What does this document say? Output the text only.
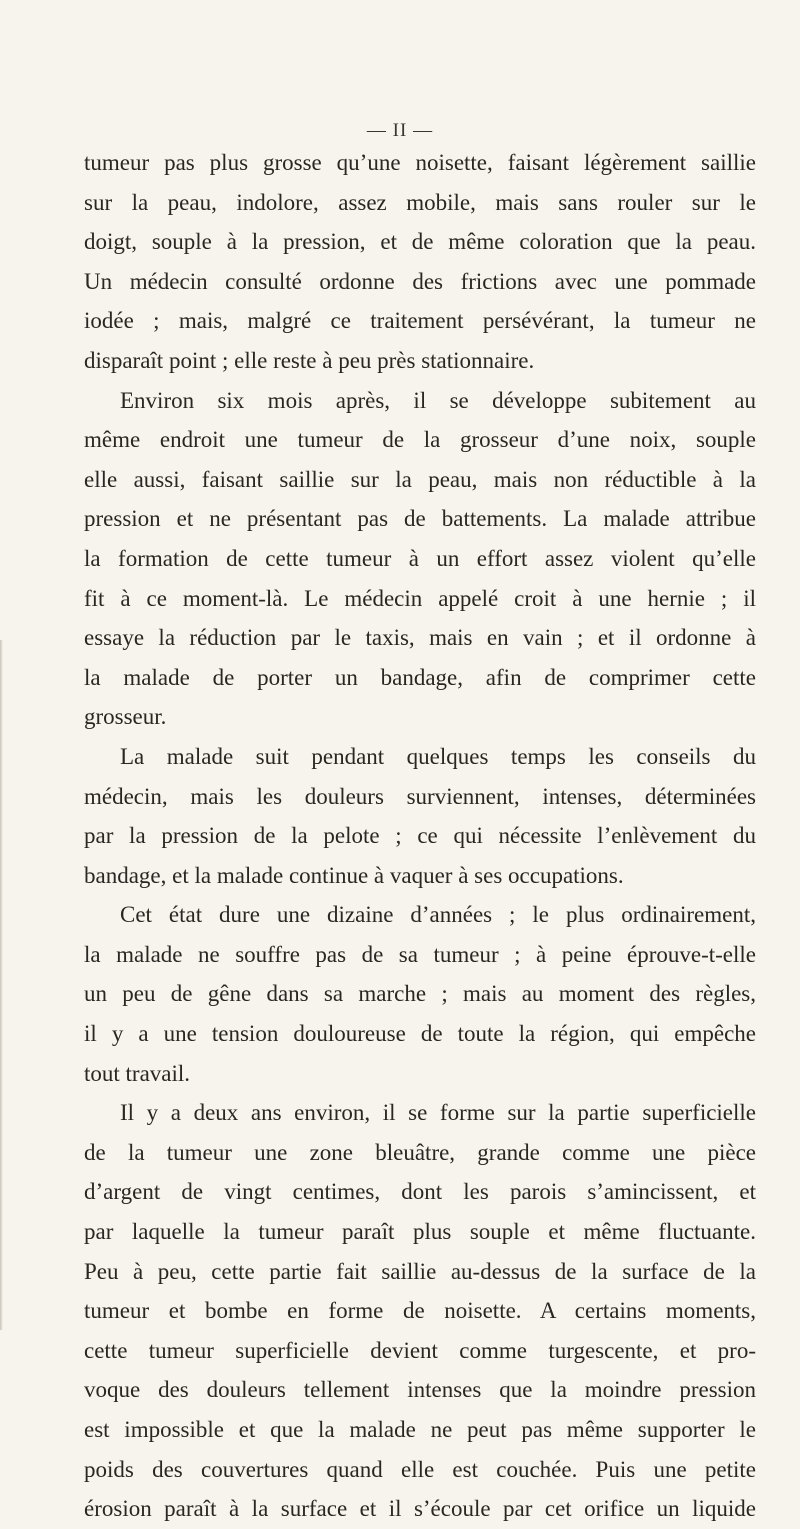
— II —

tumeur pas plus grosse qu’une noisette, faisant légèrement saillie

sur la peau, indolore, assez mobile, mais sans rouler sur le

doigt, souple à la pression, et de même coloration que la peau.

Un médecin consulté ordonne des frictions avec une pommade

iodée ; mais, malgré ce traitement persévérant, la tumeur ne

disparaît point ; elle reste à peu près stationnaire.

Environ six mois après, il se développe subitement au

même endroit une tumeur de la grosseur d’une noix, souple

elle aussi, faisant saillie sur la peau, mais non réductible à la

pression et ne présentant pas de battements. La malade attribue

la formation de cette tumeur à un effort assez violent qu’elle

fit à ce moment-là. Le médecin appelé croit à une hernie ; il

essaye la réduction par le taxis, mais en vain ; et il ordonne à

la malade de porter un bandage, afin de comprimer cette

grosseur.

La malade suit pendant quelques temps les conseils du

médecin, mais les douleurs surviennent, intenses, déterminées

par la pression de la pelote ; ce qui nécessite l’enlèvement du

bandage, et la malade continue à vaquer à ses occupations.

Cet état dure une dizaine d’années ; le plus ordinairement,

la malade ne souffre pas de sa tumeur ; à peine éprouve-t-elle

un peu de gêne dans sa marche ; mais au moment des règles,

il y a une tension douloureuse de toute la région, qui empêche

tout travail.

Il y a deux ans environ, il se forme sur la partie superficielle

de la tumeur une zone bleuâtre, grande comme une pièce

d’argent de vingt centimes, dont les parois s’amincissent, et

par laquelle la tumeur paraît plus souple et même fluctuante.

Peu à peu, cette partie fait saillie au-dessus de la surface de la

tumeur et bombe en forme de noisette. A certains moments,

cette tumeur superficielle devient comme turgescente, et pro-

voque des douleurs tellement intenses que la moindre pression

est impossible et que la malade ne peut pas même supporter le

poids des couvertures quand elle est couchée. Puis une petite

érosion paraît à la surface et il s’écoule par cet orifice un liquide
